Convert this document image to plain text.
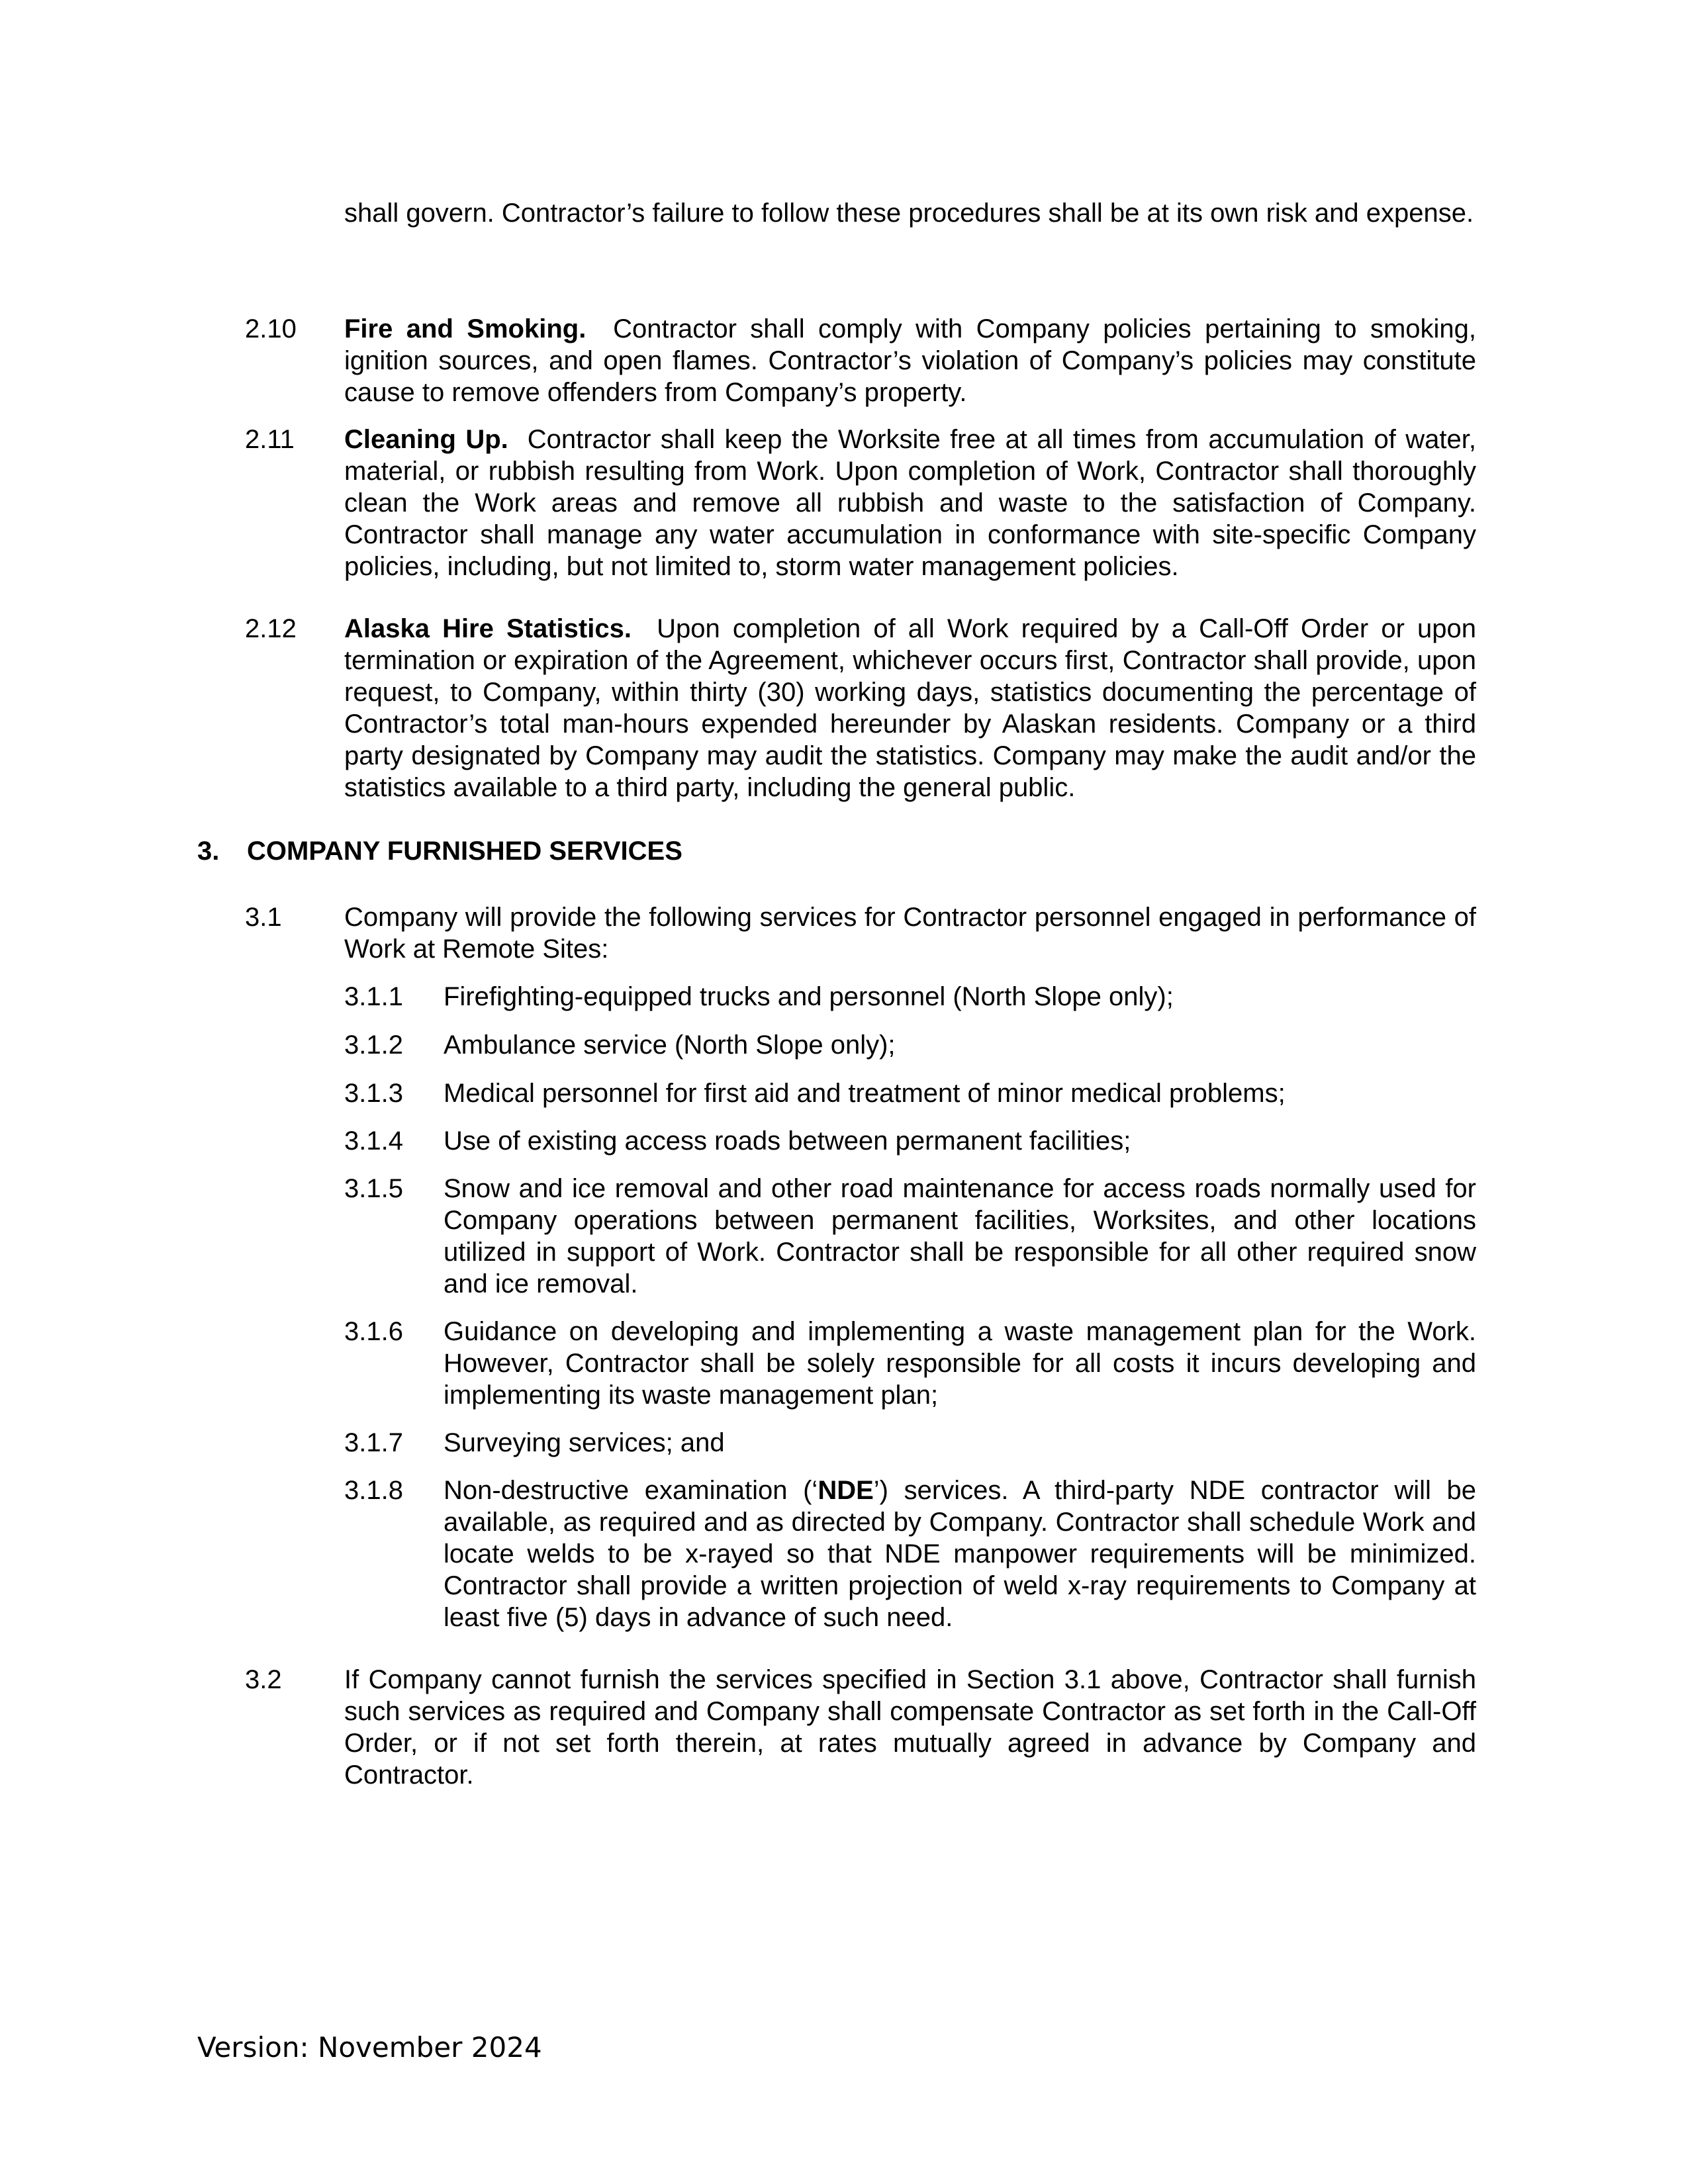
shall govern. Contractor’s failure to follow these procedures shall be at its own risk and expense.
2.10 Fire and Smoking. Contractor shall comply with Company policies pertaining to smoking, ignition sources, and open flames. Contractor’s violation of Company’s policies may constitute cause to remove offenders from Company’s property.
2.11 Cleaning Up. Contractor shall keep the Worksite free at all times from accumulation of water, material, or rubbish resulting from Work. Upon completion of Work, Contractor shall thoroughly clean the Work areas and remove all rubbish and waste to the satisfaction of Company. Contractor shall manage any water accumulation in conformance with site-specific Company policies, including, but not limited to, storm water management policies.
2.12 Alaska Hire Statistics. Upon completion of all Work required by a Call-Off Order or upon termination or expiration of the Agreement, whichever occurs first, Contractor shall provide, upon request, to Company, within thirty (30) working days, statistics documenting the percentage of Contractor’s total man-hours expended hereunder by Alaskan residents. Company or a third party designated by Company may audit the statistics. Company may make the audit and/or the statistics available to a third party, including the general public.
3. COMPANY FURNISHED SERVICES
3.1 Company will provide the following services for Contractor personnel engaged in performance of Work at Remote Sites:
3.1.1 Firefighting-equipped trucks and personnel (North Slope only);
3.1.2 Ambulance service (North Slope only);
3.1.3 Medical personnel for first aid and treatment of minor medical problems;
3.1.4 Use of existing access roads between permanent facilities;
3.1.5 Snow and ice removal and other road maintenance for access roads normally used for Company operations between permanent facilities, Worksites, and other locations utilized in support of Work. Contractor shall be responsible for all other required snow and ice removal.
3.1.6 Guidance on developing and implementing a waste management plan for the Work. However, Contractor shall be solely responsible for all costs it incurs developing and implementing its waste management plan;
3.1.7 Surveying services; and
3.1.8 Non-destructive examination (‘NDE’) services. A third-party NDE contractor will be available, as required and as directed by Company. Contractor shall schedule Work and locate welds to be x-rayed so that NDE manpower requirements will be minimized. Contractor shall provide a written projection of weld x-ray requirements to Company at least five (5) days in advance of such need.
3.2 If Company cannot furnish the services specified in Section 3.1 above, Contractor shall furnish such services as required and Company shall compensate Contractor as set forth in the Call-Off Order, or if not set forth therein, at rates mutually agreed in advance by Company and Contractor.
Version: November 2024
